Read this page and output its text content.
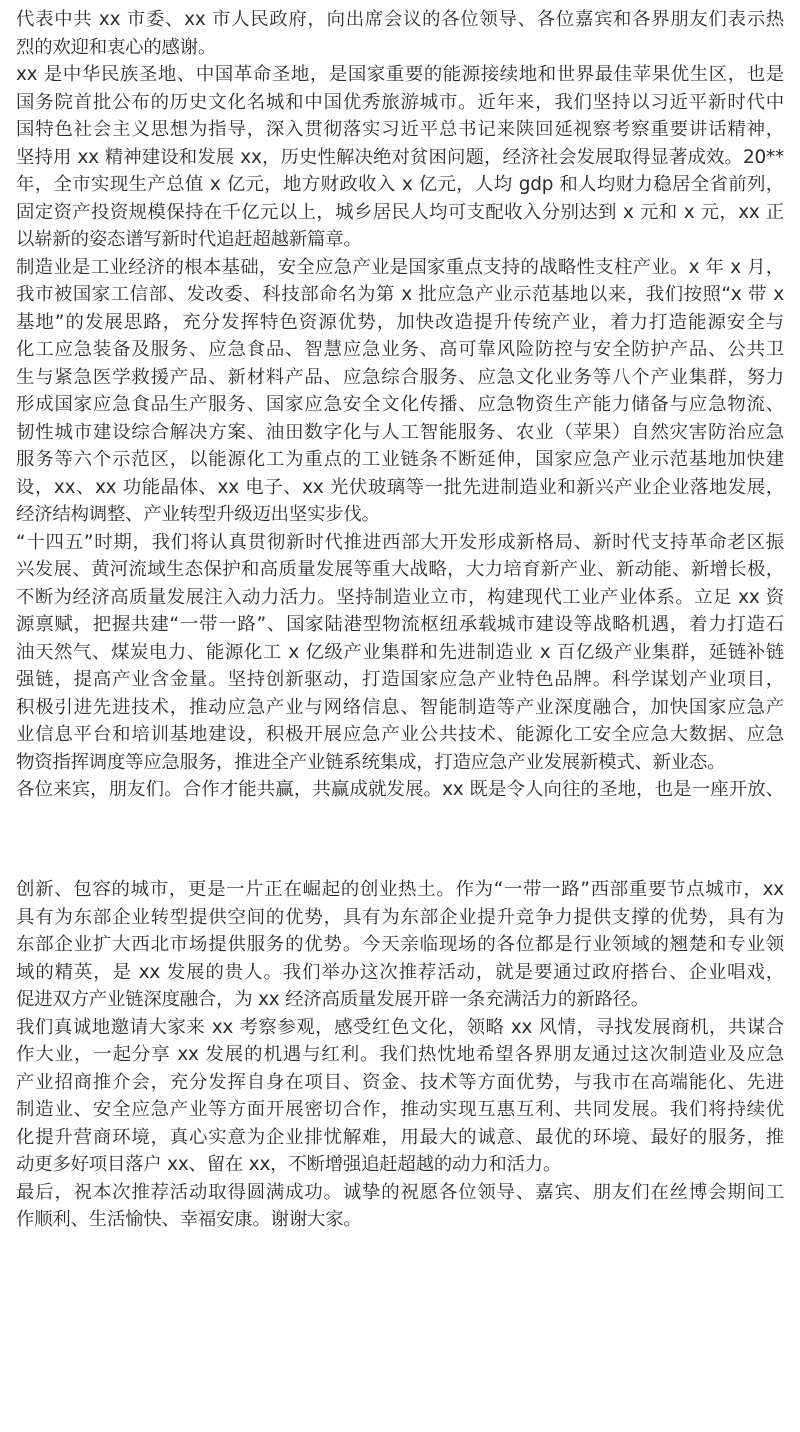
代表中共 xx 市委、xx 市人民政府，向出席会议的各位领导、各位嘉宾和各界朋友们表示热
烈的欢迎和衷心的感谢。
xx 是中华民族圣地、中国革命圣地，是国家重要的能源接续地和世界最佳苹果优生区，也是
国务院首批公布的历史文化名城和中国优秀旅游城市。近年来，我们坚持以习近平新时代中
国特色社会主义思想为指导，深入贯彻落实习近平总书记来陕回延视察考察重要讲话精神，
坚持用 xx 精神建设和发展 xx，历史性解决绝对贫困问题，经济社会发展取得显著成效。20**
年，全市实现生产总值 x 亿元，地方财政收入 x 亿元，人均 gdp 和人均财力稳居全省前列，
固定资产投资规模保持在千亿元以上，城乡居民人均可支配收入分别达到 x 元和 x 元，xx 正
以崭新的姿态谱写新时代追赶超越新篇章。
制造业是工业经济的根本基础，安全应急产业是国家重点支持的战略性支柱产业。x 年 x 月，
我市被国家工信部、发改委、科技部命名为第 x 批应急产业示范基地以来，我们按照“x 带 x
基地”的发展思路，充分发挥特色资源优势，加快改造提升传统产业，着力打造能源安全与
化工应急装备及服务、应急食品、智慧应急业务、高可靠风险防控与安全防护产品、公共卫
生与紧急医学救援产品、新材料产品、应急综合服务、应急文化业务等八个产业集群，努力
形成国家应急食品生产服务、国家应急安全文化传播、应急物资生产能力储备与应急物流、
韧性城市建设综合解决方案、油田数字化与人工智能服务、农业（苹果）自然灾害防治应急
服务等六个示范区，以能源化工为重点的工业链条不断延伸，国家应急产业示范基地加快建
设，xx、xx 功能晶体、xx 电子、xx 光伏玻璃等一批先进制造业和新兴产业企业落地发展，
经济结构调整、产业转型升级迈出坚实步伐。
“十四五”时期，我们将认真贯彻新时代推进西部大开发形成新格局、新时代支持革命老区振
兴发展、黄河流域生态保护和高质量发展等重大战略，大力培育新产业、新动能、新增长极，
不断为经济高质量发展注入动力活力。坚持制造业立市，构建现代工业产业体系。立足 xx 资
源禀赋，把握共建“一带一路”、国家陆港型物流枢纽承载城市建设等战略机遇，着力打造石
油天然气、煤炭电力、能源化工 x 亿级产业集群和先进制造业 x 百亿级产业集群，延链补链
强链，提高产业含金量。坚持创新驱动，打造国家应急产业特色品牌。科学谋划产业项目，
积极引进先进技术，推动应急产业与网络信息、智能制造等产业深度融合，加快国家应急产
业信息平台和培训基地建设，积极开展应急产业公共技术、能源化工安全应急大数据、应急
物资指挥调度等应急服务，推进全产业链系统集成，打造应急产业发展新模式、新业态。
各位来宾，朋友们。合作才能共赢，共赢成就发展。xx 既是令人向往的圣地，也是一座开放、
创新、包容的城市，更是一片正在崛起的创业热土。作为“一带一路”西部重要节点城市，xx
具有为东部企业转型提供空间的优势，具有为东部企业提升竞争力提供支撑的优势，具有为
东部企业扩大西北市场提供服务的优势。今天亲临现场的各位都是行业领域的翘楚和专业领
域的精英，是 xx 发展的贵人。我们举办这次推荐活动，就是要通过政府搭台、企业唱戏，
促进双方产业链深度融合，为 xx 经济高质量发展开辟一条充满活力的新路径。
我们真诚地邀请大家来 xx 考察参观，感受红色文化，领略 xx 风情，寻找发展商机，共谋合
作大业，一起分享 xx 发展的机遇与红利。我们热忱地希望各界朋友通过这次制造业及应急
产业招商推介会，充分发挥自身在项目、资金、技术等方面优势，与我市在高端能化、先进
制造业、安全应急产业等方面开展密切合作，推动实现互惠互利、共同发展。我们将持续优
化提升营商环境，真心实意为企业排忧解难，用最大的诚意、最优的环境、最好的服务，推
动更多好项目落户 xx、留在 xx，不断增强追赶超越的动力和活力。
最后，祝本次推荐活动取得圆满成功。诚挚的祝愿各位领导、嘉宾、朋友们在丝博会期间工
作顺利、生活愉快、幸福安康。谢谢大家。
